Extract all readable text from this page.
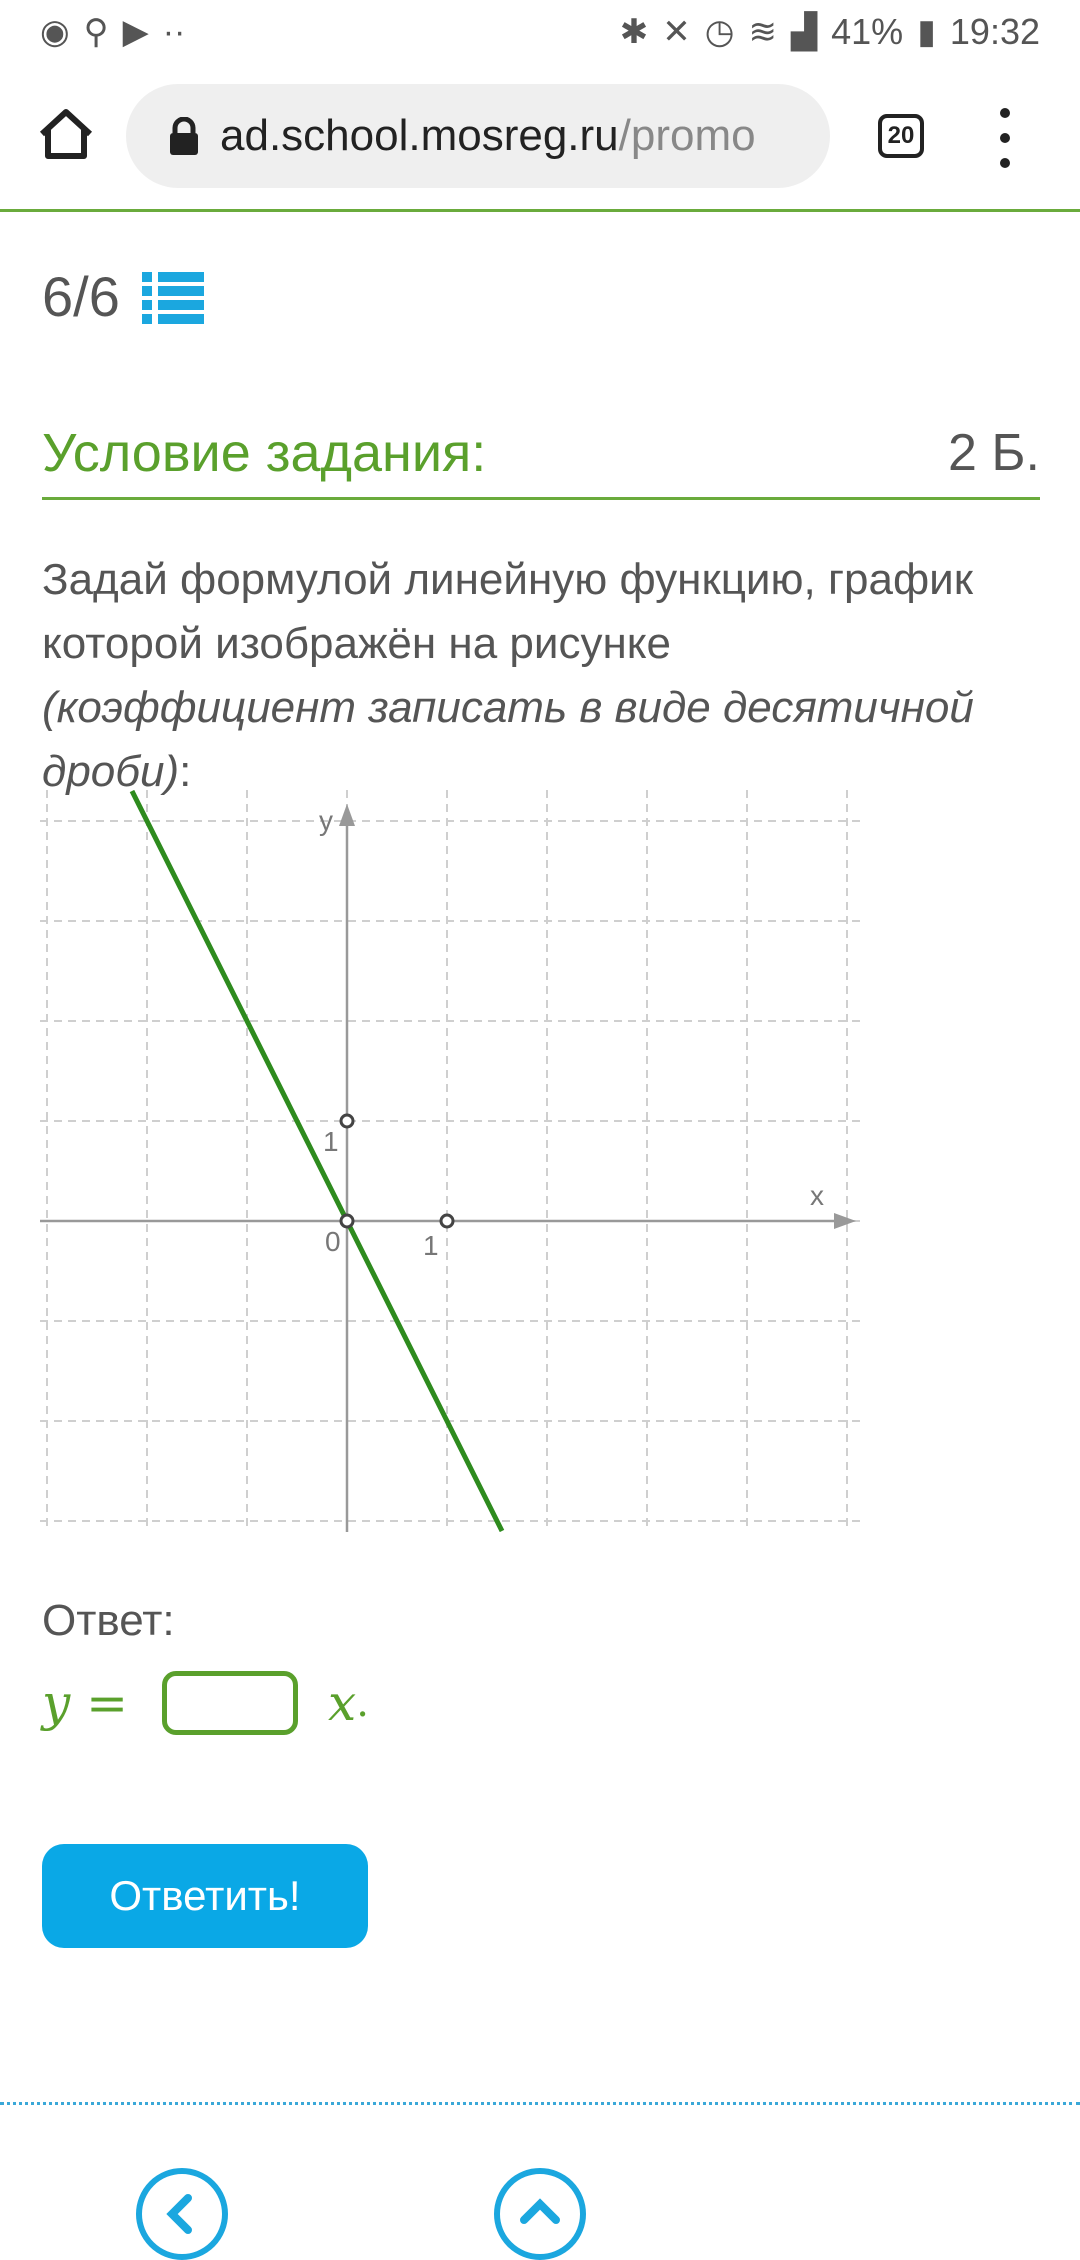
◉ ⚲ ▶ ··	✱ ✕ ◷ ≋ ▟ 41% ▮ 19:32
ad.school.mosreg.ru /promo	20
6/6
Условие задания:	2 Б.
Задай формулой линейную функцию, график
которой изображён на рисунке
(коэффициент записать в виде десятичной дроби):
x
y
0	1
1
Ответ:
y =	x .
Ответить!
